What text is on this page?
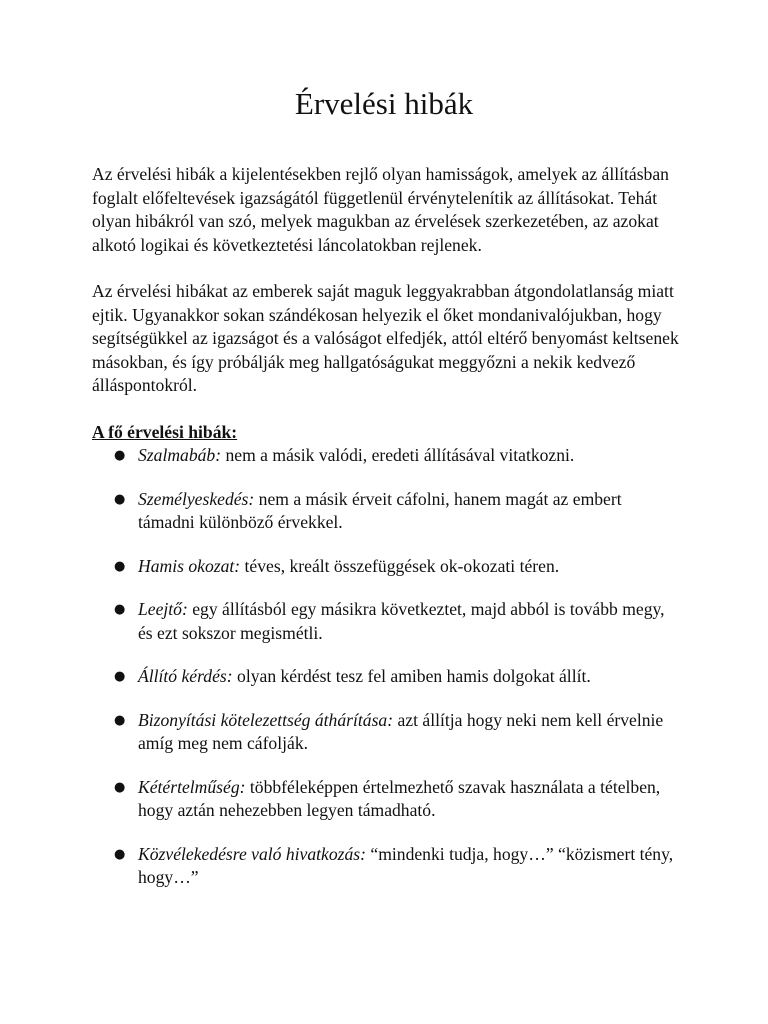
Érvelési hibák

Az érvelési hibák a kijelentésekben rejlő olyan hamisságok, amelyek az állításban foglalt előfeltevések igazságától függetlenül érvénytelenítik az állításokat. Tehát olyan hibákról van szó, melyek magukban az érvelések szerkezetében, az azokat alkotó logikai és következtetési láncolatokban rejlenek.

Az érvelési hibákat az emberek saját maguk leggyakrabban átgondolatlanság miatt ejtik. Ugyanakkor sokan szándékosan helyezik el őket mondanivalójukban, hogy segítségükkel az igazságot és a valóságot elfedjék, attól eltérő benyomást keltsenek másokban, és így próbálják meg hallgatóságukat meggyőzni a nekik kedvező álláspontokról.

A fő érvelési hibák:

● Szalmabáb: nem a másik valódi, eredeti állításával vitatkozni.
● Személyeskedés: nem a másik érveit cáfolni, hanem magát az embert támadni különböző érvekkel.
● Hamis okozat: téves, kreált összefüggések ok-okozati téren.
● Leejtő: egy állításból egy másikra következtet, majd abból is tovább megy, és ezt sokszor megismétli.
● Állító kérdés: olyan kérdést tesz fel amiben hamis dolgokat állít.
● Bizonyítási kötelezettség áthárítása: azt állítja hogy neki nem kell érvelnie amíg meg nem cáfolják.
● Kétértelműség: többféleképpen értelmezhető szavak használata a tételben, hogy aztán nehezebben legyen támadható.
● Közvélekedésre való hivatkozás: “mindenki tudja, hogy…” “közismert tény, hogy…”
